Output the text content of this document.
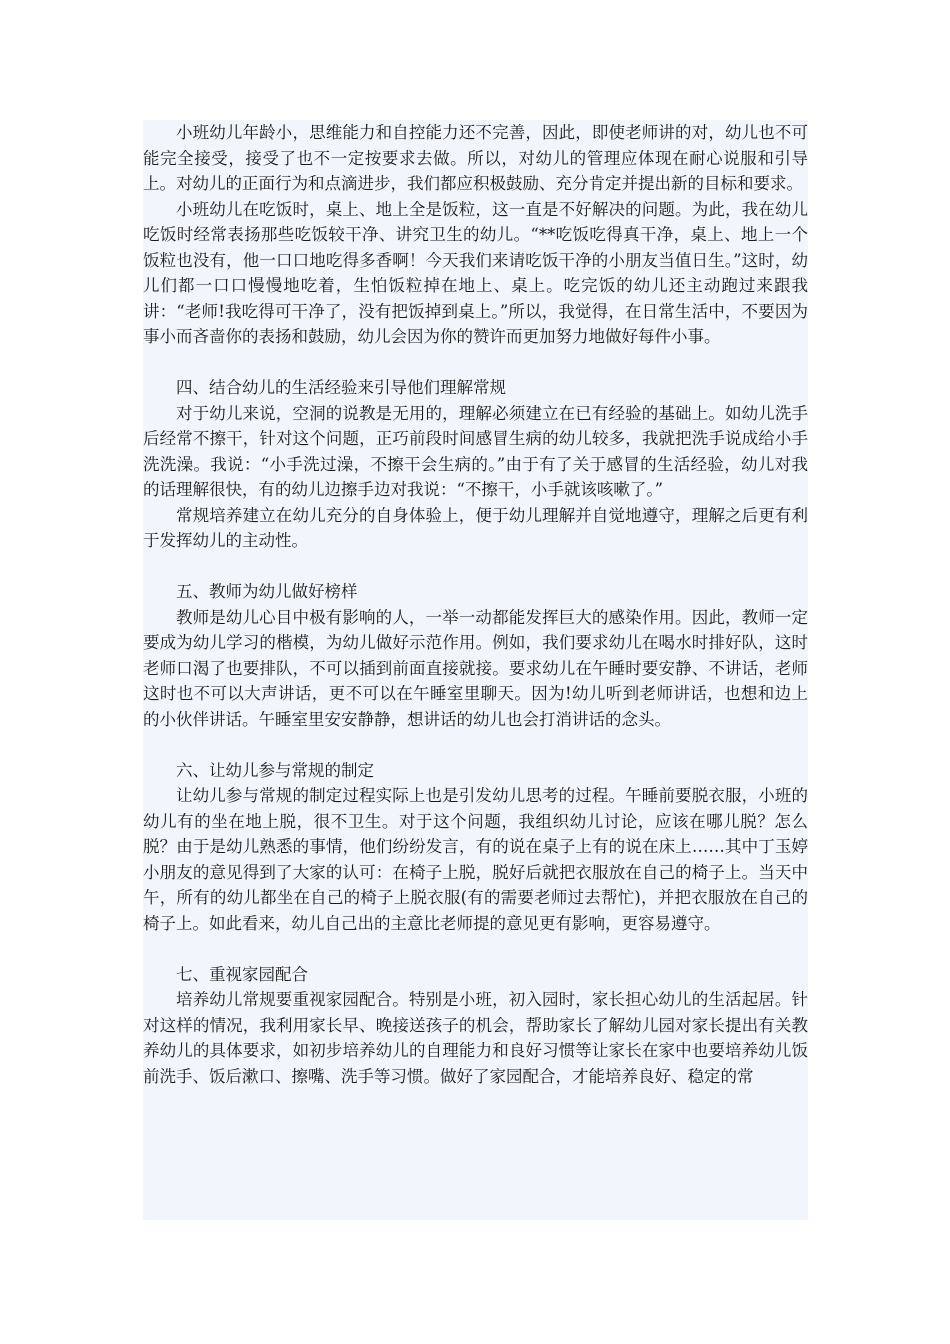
小班幼儿年龄小，思维能力和自控能力还不完善，因此，即使老师讲的对，幼儿也不可能完全接受，接受了也不一定按要求去做。所以，对幼儿的管理应体现在耐心说服和引导上。对幼儿的正面行为和点滴进步，我们都应积极鼓励、充分肯定并提出新的目标和要求。

小班幼儿在吃饭时，桌上、地上全是饭粒，这一直是不好解决的问题。为此，我在幼儿吃饭时经常表扬那些吃饭较干净、讲究卫生的幼儿。“**吃饭吃得真干净，桌上、地上一个饭粒也没有，他一口口地吃得多香啊！今天我们来请吃饭干净的小朋友当值日生。”这时，幼儿们都一口口慢慢地吃着，生怕饭粒掉在地上、桌上。吃完饭的幼儿还主动跑过来跟我讲：“老师!我吃得可干净了，没有把饭掉到桌上。”所以，我觉得，在日常生活中，不要因为事小而吝啬你的表扬和鼓励，幼儿会因为你的赞许而更加努力地做好每件小事。

四、结合幼儿的生活经验来引导他们理解常规

对于幼儿来说，空洞的说教是无用的，理解必须建立在已有经验的基础上。如幼儿洗手后经常不擦干，针对这个问题，正巧前段时间感冒生病的幼儿较多，我就把洗手说成给小手洗洗澡。我说：“小手洗过澡，不擦干会生病的。”由于有了关于感冒的生活经验，幼儿对我的话理解很快，有的幼儿边擦手边对我说：“不擦干，小手就该咳嗽了。”

常规培养建立在幼儿充分的自身体验上，便于幼儿理解并自觉地遵守，理解之后更有利于发挥幼儿的主动性。

五、教师为幼儿做好榜样

教师是幼儿心目中极有影响的人，一举一动都能发挥巨大的感染作用。因此，教师一定要成为幼儿学习的楷模，为幼儿做好示范作用。例如，我们要求幼儿在喝水时排好队，这时老师口渴了也要排队，不可以插到前面直接就接。要求幼儿在午睡时要安静、不讲话，老师这时也不可以大声讲话，更不可以在午睡室里聊天。因为!幼儿听到老师讲话，也想和边上的小伙伴讲话。午睡室里安安静静，想讲话的幼儿也会打消讲话的念头。

六、让幼儿参与常规的制定

让幼儿参与常规的制定过程实际上也是引发幼儿思考的过程。午睡前要脱衣服，小班的幼儿有的坐在地上脱，很不卫生。对于这个问题，我组织幼儿讨论，应该在哪儿脱？怎么脱？由于是幼儿熟悉的事情，他们纷纷发言，有的说在桌子上有的说在床上……其中丁玉婷小朋友的意见得到了大家的认可：在椅子上脱，脱好后就把衣服放在自己的椅子上。当天中午，所有的幼儿都坐在自己的椅子上脱衣服(有的需要老师过去帮忙)，并把衣服放在自己的椅子上。如此看来，幼儿自己出的主意比老师提的意见更有影响，更容易遵守。

七、重视家园配合

培养幼儿常规要重视家园配合。特别是小班，初入园时，家长担心幼儿的生活起居。针对这样的情况，我利用家长早、晚接送孩子的机会，帮助家长了解幼儿园对家长提出有关教养幼儿的具体要求，如初步培养幼儿的自理能力和良好习惯等让家长在家中也要培养幼儿饭前洗手、饭后漱口、擦嘴、洗手等习惯。做好了家园配合，才能培养良好、稳定的常
